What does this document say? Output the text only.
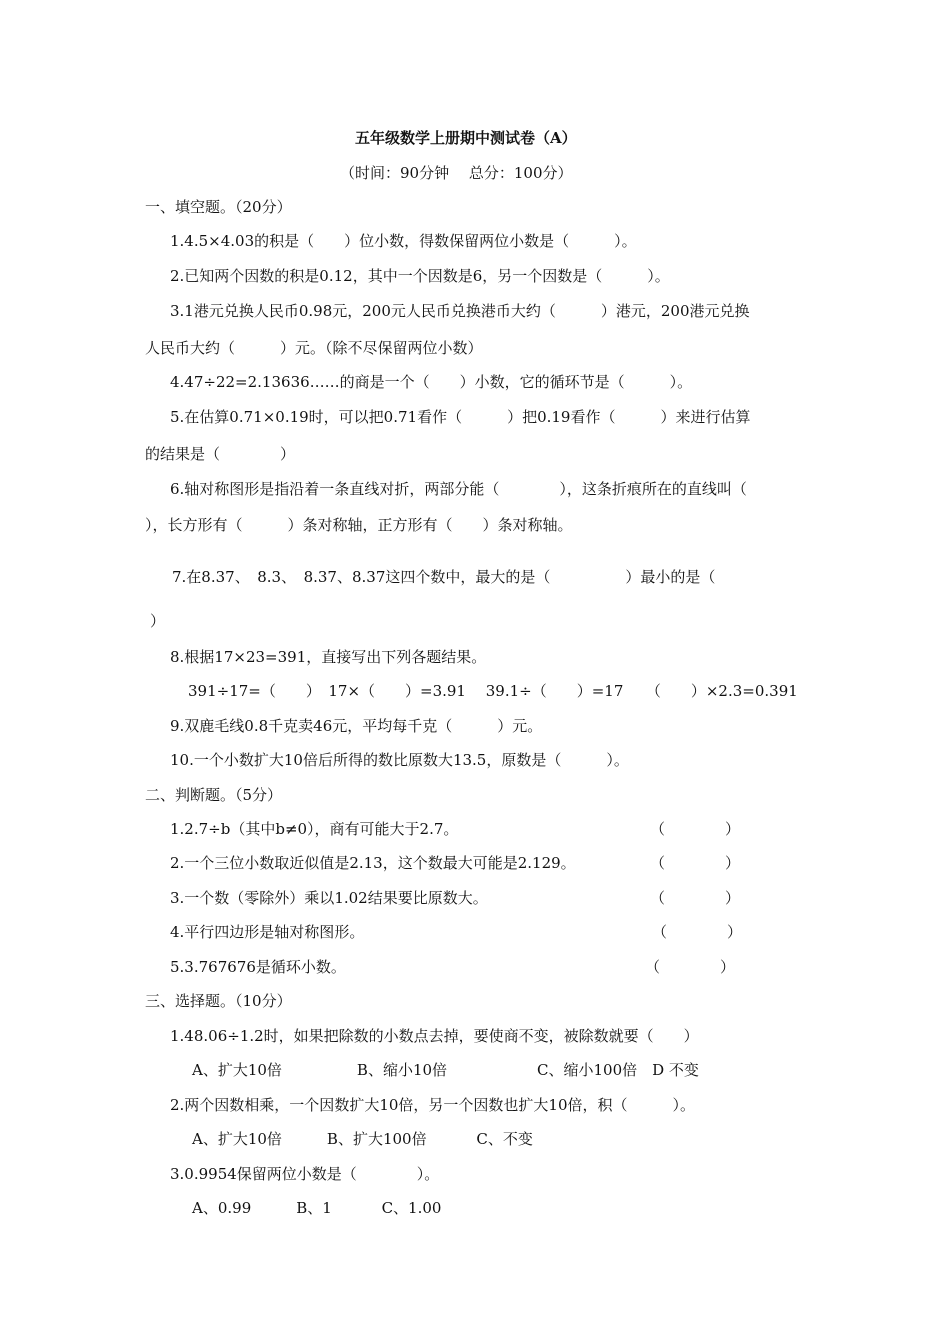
五年级数学上册期中测试卷（A）
（时间：90分钟　 总分：100分）
一、填空题。（20分）
1.4.5×4.03的积是（　　）位小数，得数保留两位小数是（　　　）。
2.已知两个因数的积是0.12，其中一个因数是6，另一个因数是（　　　）。
3.1港元兑换人民币0.98元，200元人民币兑换港币大约（　　　）港元，200港元兑换
人民币大约（　　　）元。（除不尽保留两位小数）
4.47÷22=2.13636……的商是一个（　　）小数，它的循环节是（　　　）。
5.在估算0.71×0.19时，可以把0.71看作（　　　）把0.19看作（　　　）来进行估算
的结果是（　　　　）
6.轴对称图形是指沿着一条直线对折，两部分能（　　　　），这条折痕所在的直线叫（
），长方形有（　　　）条对称轴，正方形有（　　）条对称轴。
7.在8.37、　8.3、　8.37、8.37这四个数中，最大的是（　　　　　）最小的是（
）
8.根据17×23=391，直接写出下列各题结果。
391÷17=（　　）　17×（　　）=3.91　 39.1÷（　　）=17　　（　　）×2.3=0.391
9.双鹿毛线0.8千克卖46元，平均每千克（　　　）元。
10.一个小数扩大10倍后所得的数比原数大13.5，原数是（　　　）。
二、判断题。（5分）
1.2.7÷b（其中b≠0），商有可能大于2.7。	（　　　　）
2.一个三位小数取近似值是2.13，这个数最大可能是2.129。	（　　　　）
3.一个数（零除外）乘以1.02结果要比原数大。	（　　　　）
4.平行四边形是轴对称图形。	（　　　　）
5.3.767676是循环小数。	（　　　　）
三、选择题。（10分）
1.48.06÷1.2时，如果把除数的小数点去掉，要使商不变，被除数就要（　　）
A、扩大10倍　　　　　B、缩小10倍　　　　　　C、缩小100倍　D 不变
2.两个因数相乘，一个因数扩大10倍，另一个因数也扩大10倍，积（　　　）。
A、扩大10倍　　　B、扩大100倍　　　 C、不变
3.0.9954保留两位小数是（　　　　）。
A、0.99　　　B、1　　　 C、1.00
